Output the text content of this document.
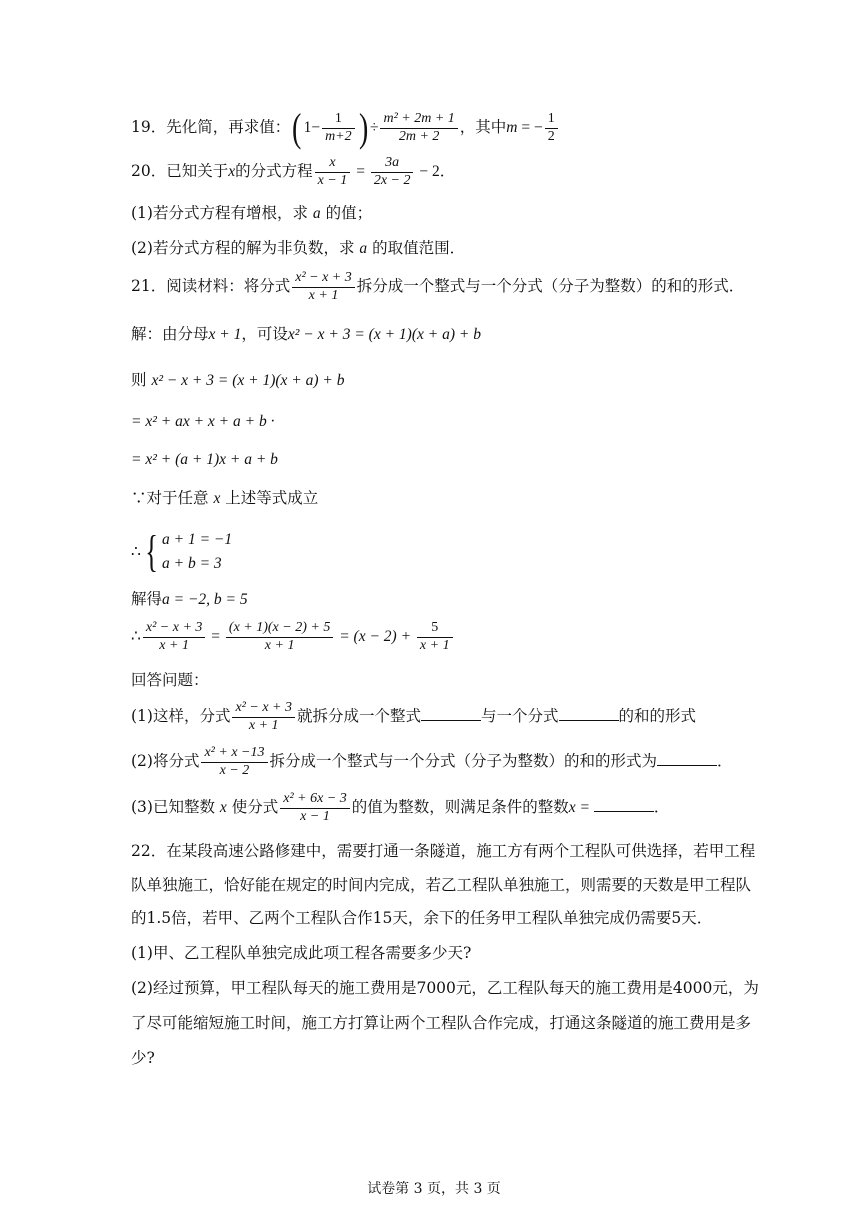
19．先化简，再求值：( $1- \frac{1}{m+2}$ ) ÷ $\frac{\text{m² + 2m + 1}}{2m + 2}$ ，其中m = − $\frac{1}{2}$
20．已知关于x的分式方程 $\frac{x}{x - 1} = \frac{3a}{2x - 2} - 2$．
(1)若分式方程有增根，求 a 的值；
(2)若分式方程的解为非负数，求 a 的取值范围．
21．阅读材料：将分式 $\frac{\text{x² − x + 3}}{x + 1}$ 拆分成一个整式与一个分式（分子为整数）的和的形式．
解：由分母x + 1，可设x² − x + 3 = (x + 1)(x + a) + b
则 x² − x + 3 = (x + 1)(x + a) + b
= x² + ax + x + a + b ·
= x² + (a + 1)x + a + b
∵对于任意 x 上述等式成立
∴{ a + 1 = −1
a + b = 3
解得a = −2, b = 5
∴ $\frac{\text{x² − x + 3}}{x + 1} = \frac{(x + 1)(x - 2) + 5}{x + 1} = (x - 2) + \frac{5}{x + 1}$
回答问题：
(1)这样，分式 $\frac{\text{x² − x + 3}}{x + 1}$ 就拆分成一个整式	与一个分式	的和的形式
(2)将分式 $\frac{\text{x² + x −13}}{x - 2}$ 拆分成一个整式与一个分式（分子为整数）的和的形式为	．
(3)已知整数 x 使分式 $\frac{\text{x² + 6x − 3}}{x - 1}$ 的值为整数，则满足条件的整数x =	．
22．在某段高速公路修建中，需要打通一条隧道，施工方有两个工程队可供选择，若甲工程
队单独施工，恰好能在规定的时间内完成，若乙工程队单独施工，则需要的天数是甲工程队
的1.5倍，若甲、乙两个工程队合作15天，余下的任务甲工程队单独完成仍需要5天．
(1)甲、乙工程队单独完成此项工程各需要多少天?
(2)经过预算，甲工程队每天的施工费用是7000元，乙工程队每天的施工费用是4000元，为
了尽可能缩短施工时间，施工方打算让两个工程队合作完成，打通这条隧道的施工费用是多
少?
试卷第 3 页，共 3 页
